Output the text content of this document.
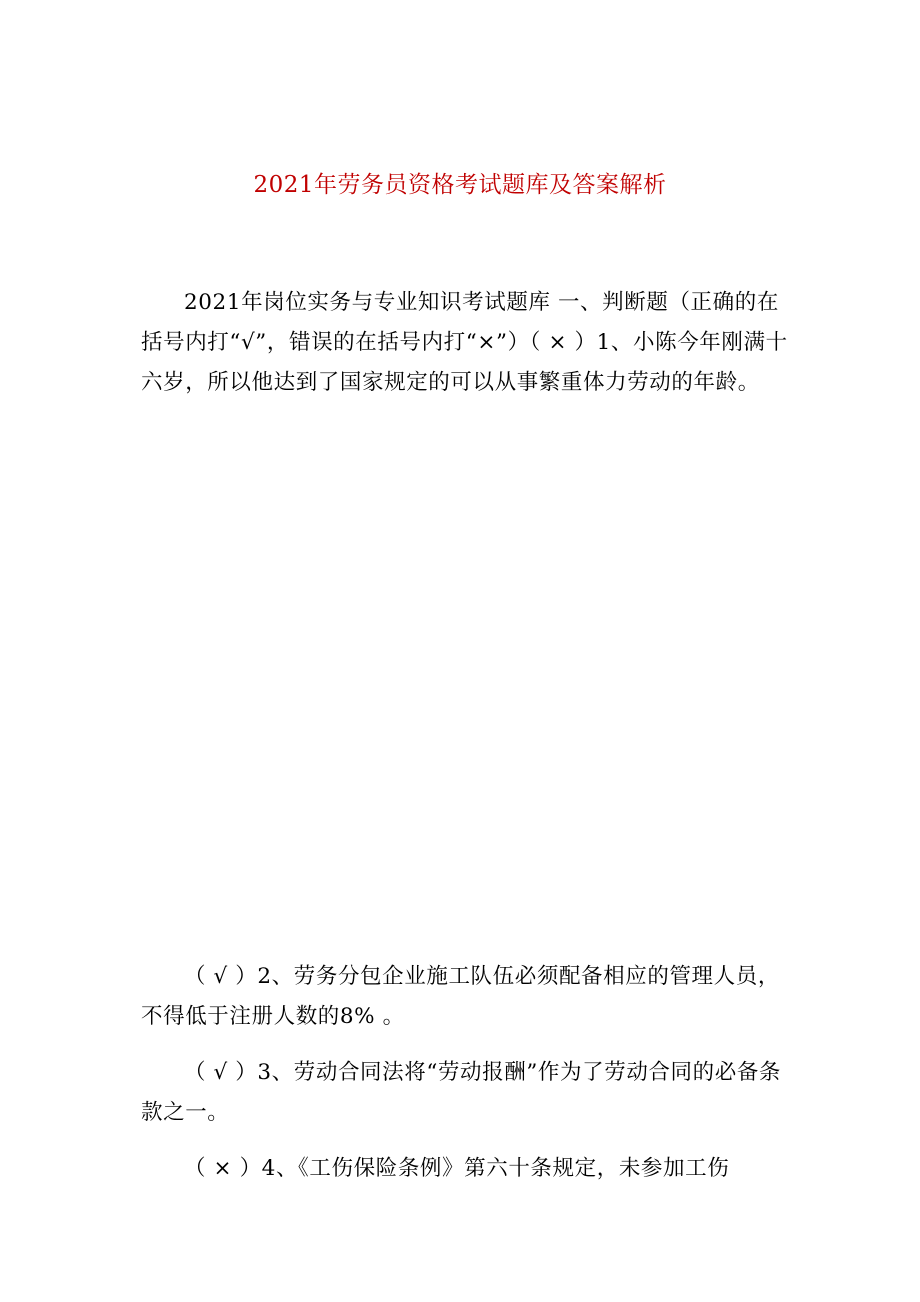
2021年劳务员资格考试题库及答案解析
2021年岗位实务与专业知识考试题库 一、判断题（正确的在括号内打“√”，错误的在括号内打“×”）（ × ）1、小陈今年刚满十六岁，所以他达到了国家规定的可以从事繁重体力劳动的年龄。
（ √ ）2、劳务分包企业施工队伍必须配备相应的管理人员，不得低于注册人数的8% 。
（ √ ）3、劳动合同法将“劳动报酬”作为了劳动合同的必备条款之一。
（ × ）4、《工伤保险条例》第六十条规定，未参加工伤
